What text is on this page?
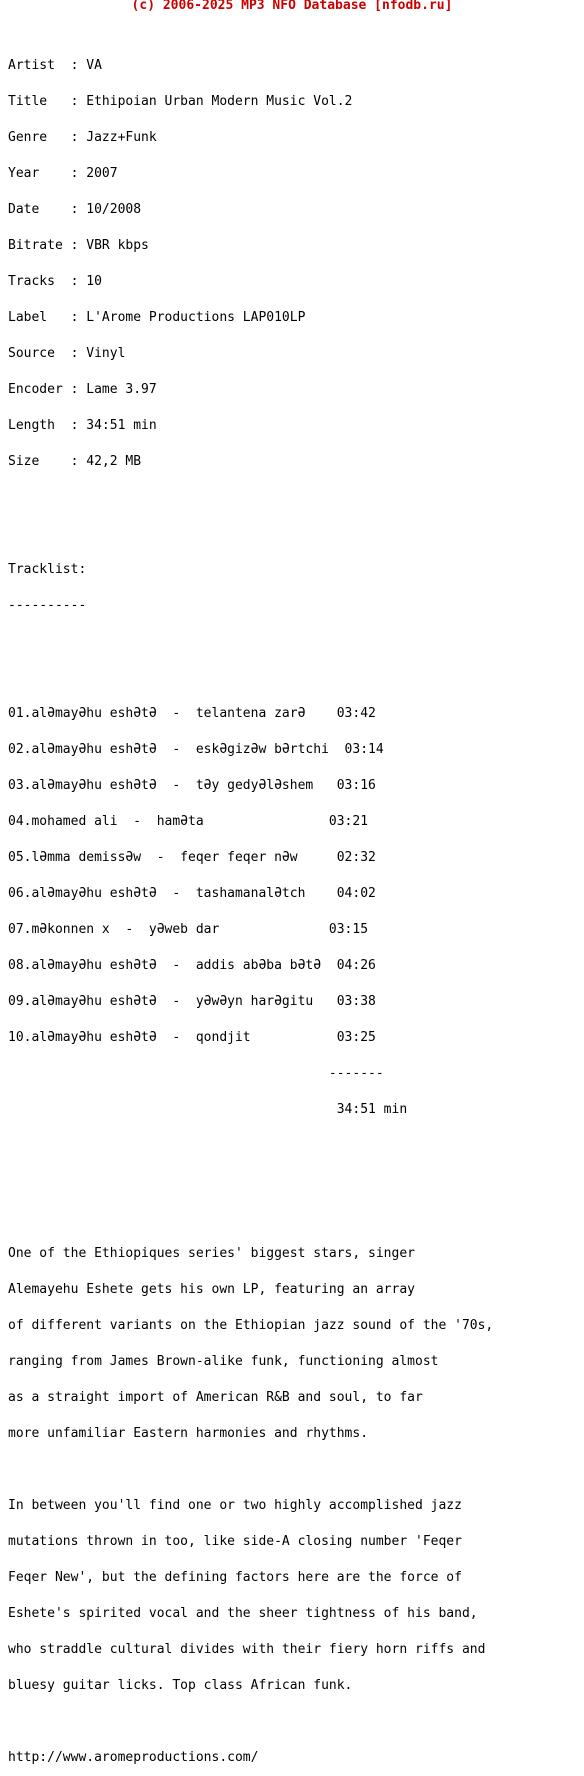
(c) 2006-2025 MP3 NFO Database [nfodb.ru]

Artist  : VA

Title   : Ethipoian Urban Modern Music Vol.2

Genre   : Jazz+Funk

Year    : 2007

Date    : 10/2008

Bitrate : VBR kbps

Tracks  : 10

Label   : L'Arome Productions LAP010LP

Source  : Vinyl

Encoder : Lame 3.97

Length  : 34:51 min

Size    : 42,2 MB

Tracklist:

----------

01.alƏmayƏhu eshƏtƏ  -  telantena zarƏ    03:42

02.alƏmayƏhu eshƏtƏ  -  eskƏgizƏw bƏrtchi  03:14

03.alƏmayƏhu eshƏtƏ  -  tƏy gedyƏlƏshem   03:16

04.mohamed ali  -  hamƏta                03:21

05.lƏmma demissƏw  -  feqer feqer nƏw     02:32

06.alƏmayƏhu eshƏtƏ  -  tashamanalƏtch    04:02

07.mƏkonnen x  -  yƏweb dar              03:15

08.alƏmayƏhu eshƏtƏ  -  addis abƏba bƏtƏ  04:26

09.alƏmayƏhu eshƏtƏ  -  yƏwƏyn harƏgitu   03:38

10.alƏmayƏhu eshƏtƏ  -  qondjit           03:25

-------

34:51 min

One of the Ethiopiques series' biggest stars, singer

Alemayehu Eshete gets his own LP, featuring an array

of different variants on the Ethiopian jazz sound of the '70s,

ranging from James Brown-alike funk, functioning almost

as a straight import of American R&B and soul, to far

more unfamiliar Eastern harmonies and rhythms.

In between you'll find one or two highly accomplished jazz

mutations thrown in too, like side-A closing number 'Feqer

Feqer New', but the defining factors here are the force of

Eshete's spirited vocal and the sheer tightness of his band,

who straddle cultural divides with their fiery horn riffs and

bluesy guitar licks. Top class African funk.

http://www.aromeproductions.com/
